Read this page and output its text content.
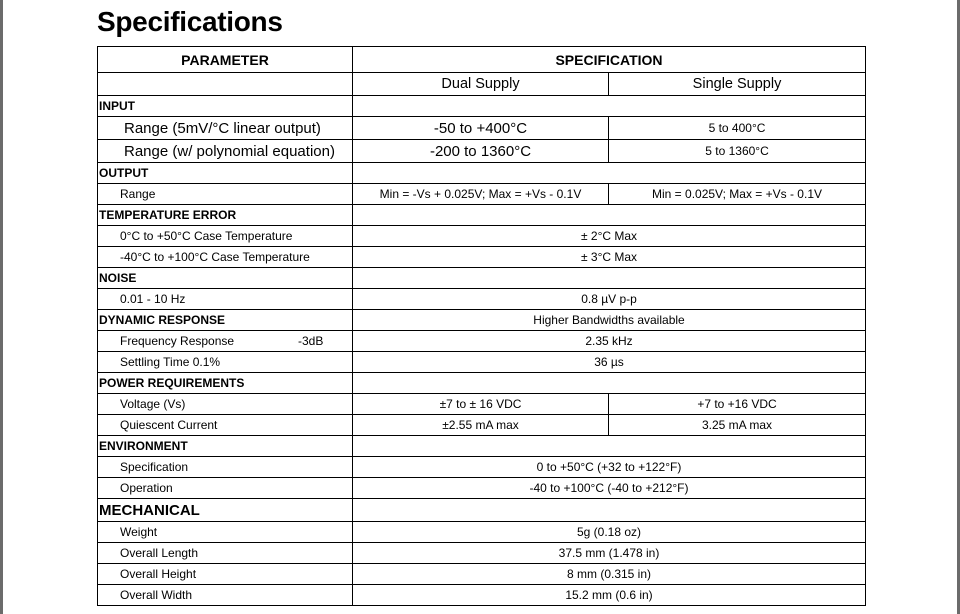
Specifications
PARAMETER	SPECIFICATION	
	Dual Supply	Single Supply
INPUT		
Range (5mV/°C linear output)	-50 to +400°C	5 to 400°C
Range (w/ polynomial equation)	-200 to 1360°C	5 to 1360°C
OUTPUT		
Range	Min = -Vs + 0.025V; Max = +Vs - 0.1V	Min = 0.025V; Max = +Vs - 0.1V
TEMPERATURE ERROR		
0°C to +50°C Case Temperature	± 2°C Max	
-40°C to +100°C Case Temperature	± 3°C Max	
NOISE		
0.01 - 10 Hz	0.8 µV p-p	
DYNAMIC RESPONSE	Higher Bandwidths available	
Frequency Response -3dB	2.35 kHz	
Settling Time 0.1%	36 µs	
POWER REQUIREMENTS		
Voltage (Vs)	±7 to ± 16 VDC	+7 to +16 VDC
Quiescent Current	±2.55 mA max	3.25 mA max
ENVIRONMENT		
Specification	0 to +50°C (+32 to +122°F)	
Operation	-40 to +100°C (-40 to +212°F)	
MECHANICAL		
Weight	5g (0.18 oz)	
Overall Length	37.5 mm (1.478 in)	
Overall Height	8 mm (0.315 in)	
Overall Width	15.2 mm (0.6 in)	
